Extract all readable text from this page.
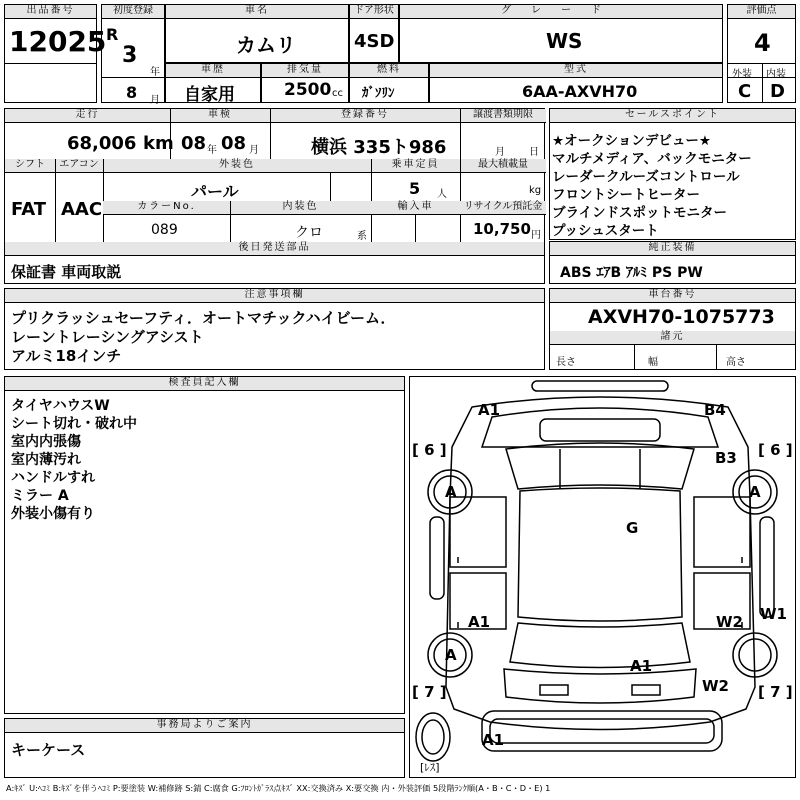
出品番号
12025
初度登録
R
3
年
8 月
車名
カムリ
ドア形状
4SD
グレード
WS
評価点
4
外装 内装
C D
車歴
自家用
排気量
2500 cc
燃料
ｶﾞｿﾘﾝ
型式
6AA-AXVH70
走行	車検	登録番号	譲渡書類期限
68,006 km 08 年 08 月	横浜 335ト986	月 日
シフト	エアコン	外装色	乗車定員	最大積載量
FAT AAC
パール	5 人	kg
カラーNo.	内装色	輸入車	リサイクル預託金
089	クロ	系	10,750 円
後日発送部品
保証書 車両取説
セールスポイント
★オークションデビュー★
マルチメディア、バックモニター
レーダークルーズコントロール
フロントシートヒーター
ブラインドスポットモニター
プッシュスタート
純正装備
ABS ｴｱB ｱﾙﾐ PS PW
注意事項欄
プリクラッシュセーフティ．オートマチックハイビーム．
レーントレーシングアシスト
アルミ18インチ
車台番号
AXVH70-1075773
諸元
長さ	幅	高さ
検査員記入欄
タイヤハウスW
シート切れ・破れ中
室内内張傷
室内薄汚れ
ハンドルすれ
ミラー A
外装小傷有り
事務局よりご案内
キーケース
A1	B4
B3
A	A
G
A1	W2 W1
A
A1
W2
A1
[ 6 ]	[ 6 ]
[ 7 ]	[ 7 ]
[ﾚｽ]
A:ｷｽﾞ U:ﾍｺﾐ B:ｷｽﾞを伴うﾍｺﾐ P:要塗装 W:補修跡 S:錆 C:腐食 G:ﾌﾛﾝﾄｶﾞﾗｽ点ｷｽﾞ XX:交換済み X:要交換 内・外装評価 5段階ﾗﾝｸ順(A・B・C・D・E) 1
